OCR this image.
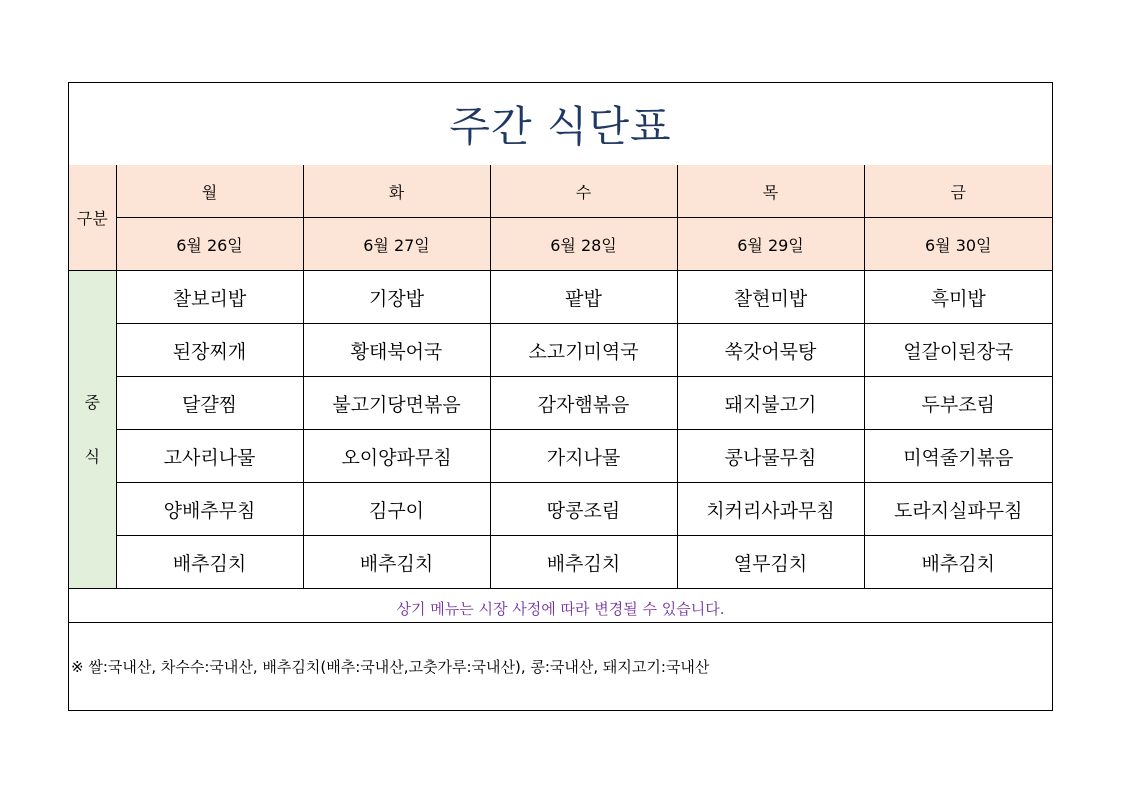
주간 식단표
구분	월	화	수	목	금
	6월 26일	6월 27일	6월 28일	6월 29일	6월 30일

중
식	찰보리밥	기장밥	팥밥	찰현미밥	흑미밥
	된장찌개	황태북어국	소고기미역국	쑥갓어묵탕	얼갈이된장국
	달걀찜	불고기당면볶음	감자햄볶음	돼지불고기	두부조림
	고사리나물	오이양파무침	가지나물	콩나물무침	미역줄기볶음
	양배추무침	김구이	땅콩조림	치커리사과무침	도라지실파무침
	배추김치	배추김치	배추김치	열무김치	배추김치
상기 메뉴는 시장 사정에 따라 변경될 수 있습니다.
※ 쌀:국내산, 차수수:국내산, 배추김치(배추:국내산,고춧가루:국내산), 콩:국내산, 돼지고기:국내산
